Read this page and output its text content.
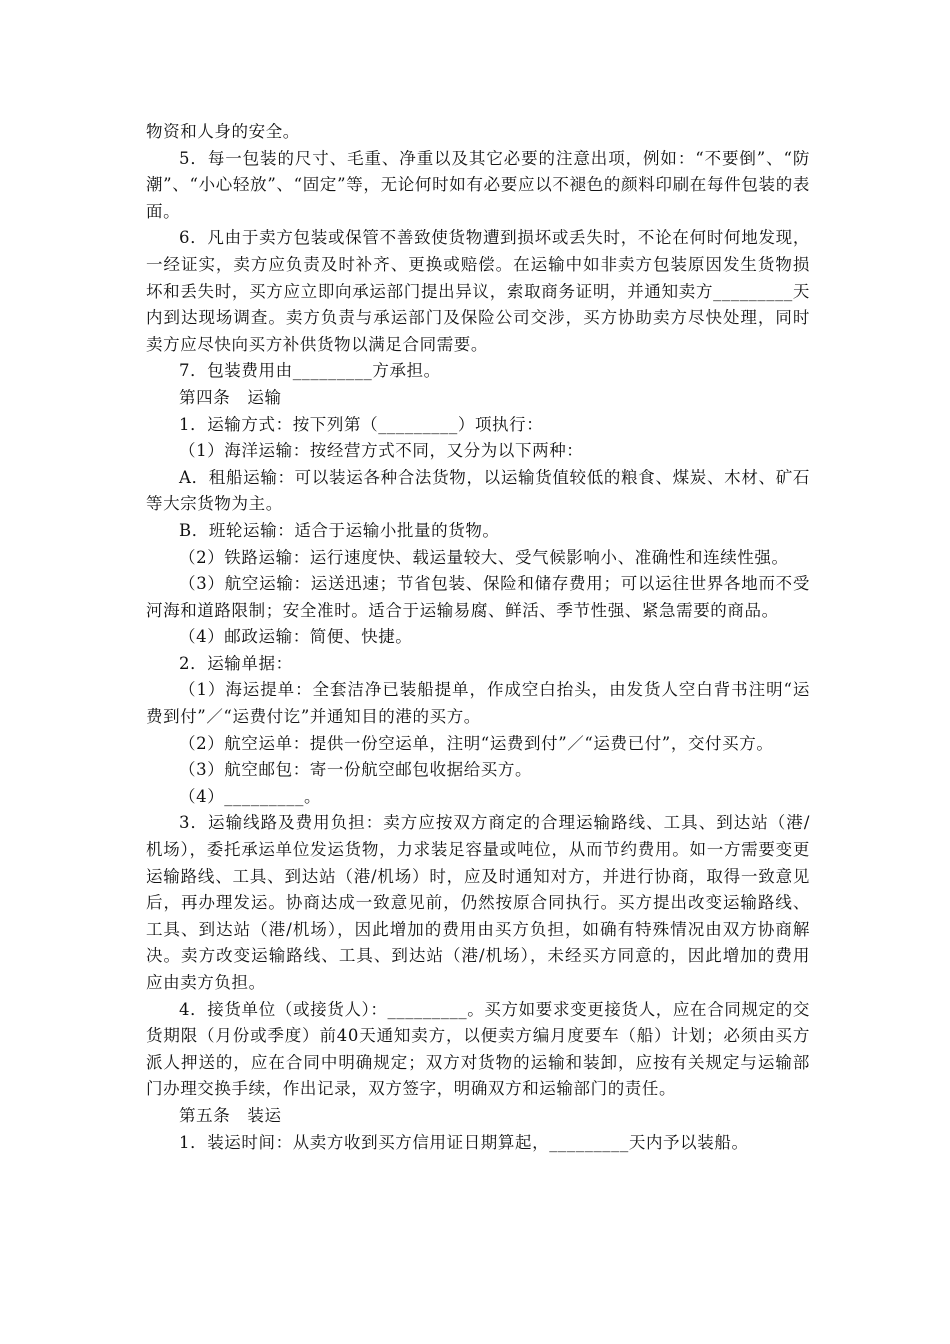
物资和人身的安全。

5．每一包装的尺寸、毛重、净重以及其它必要的注意出项，例如：“不要倒”、“防潮”、“小心轻放”、“固定”等，无论何时如有必要应以不褪色的颜料印刷在每件包装的表面。

6．凡由于卖方包装或保管不善致使货物遭到损坏或丢失时，不论在何时何地发现，一经证实，卖方应负责及时补齐、更换或赔偿。在运输中如非卖方包装原因发生货物损坏和丢失时，买方应立即向承运部门提出异议，索取商务证明，并通知卖方_________天内到达现场调查。卖方负责与承运部门及保险公司交涉，买方协助卖方尽快处理，同时卖方应尽快向买方补供货物以满足合同需要。

7．包装费用由_________方承担。

第四条　运输

1．运输方式：按下列第（_________）项执行：

（1）海洋运输：按经营方式不同，又分为以下两种：

A．租船运输：可以装运各种合法货物，以运输货值较低的粮食、煤炭、木材、矿石等大宗货物为主。

B．班轮运输：适合于运输小批量的货物。

（2）铁路运输：运行速度快、载运量较大、受气候影响小、准确性和连续性强。

（3）航空运输：运送迅速；节省包装、保险和储存费用；可以运往世界各地而不受河海和道路限制；安全准时。适合于运输易腐、鲜活、季节性强、紧急需要的商品。

（4）邮政运输：简便、快捷。

2．运输单据：

（1）海运提单：全套洁净已装船提单，作成空白抬头，由发货人空白背书注明“运费到付”／“运费付讫”并通知目的港的买方。

（2）航空运单：提供一份空运单，注明“运费到付”／“运费已付”，交付买方。

（3）航空邮包：寄一份航空邮包收据给买方。

（4）_________。

3．运输线路及费用负担：卖方应按双方商定的合理运输路线、工具、到达站（港/机场），委托承运单位发运货物，力求装足容量或吨位，从而节约费用。如一方需要变更运输路线、工具、到达站（港/机场）时，应及时通知对方，并进行协商，取得一致意见后，再办理发运。协商达成一致意见前，仍然按原合同执行。买方提出改变运输路线、工具、到达站（港/机场），因此增加的费用由买方负担，如确有特殊情况由双方协商解决。卖方改变运输路线、工具、到达站（港/机场），未经买方同意的，因此增加的费用应由卖方负担。

4．接货单位（或接货人）：_________。买方如要求变更接货人，应在合同规定的交货期限（月份或季度）前40天通知卖方，以便卖方编月度要车（船）计划；必须由买方派人押送的，应在合同中明确规定；双方对货物的运输和装卸，应按有关规定与运输部门办理交换手续，作出记录，双方签字，明确双方和运输部门的责任。

第五条　装运

1．装运时间：从卖方收到买方信用证日期算起，_________天内予以装船。
